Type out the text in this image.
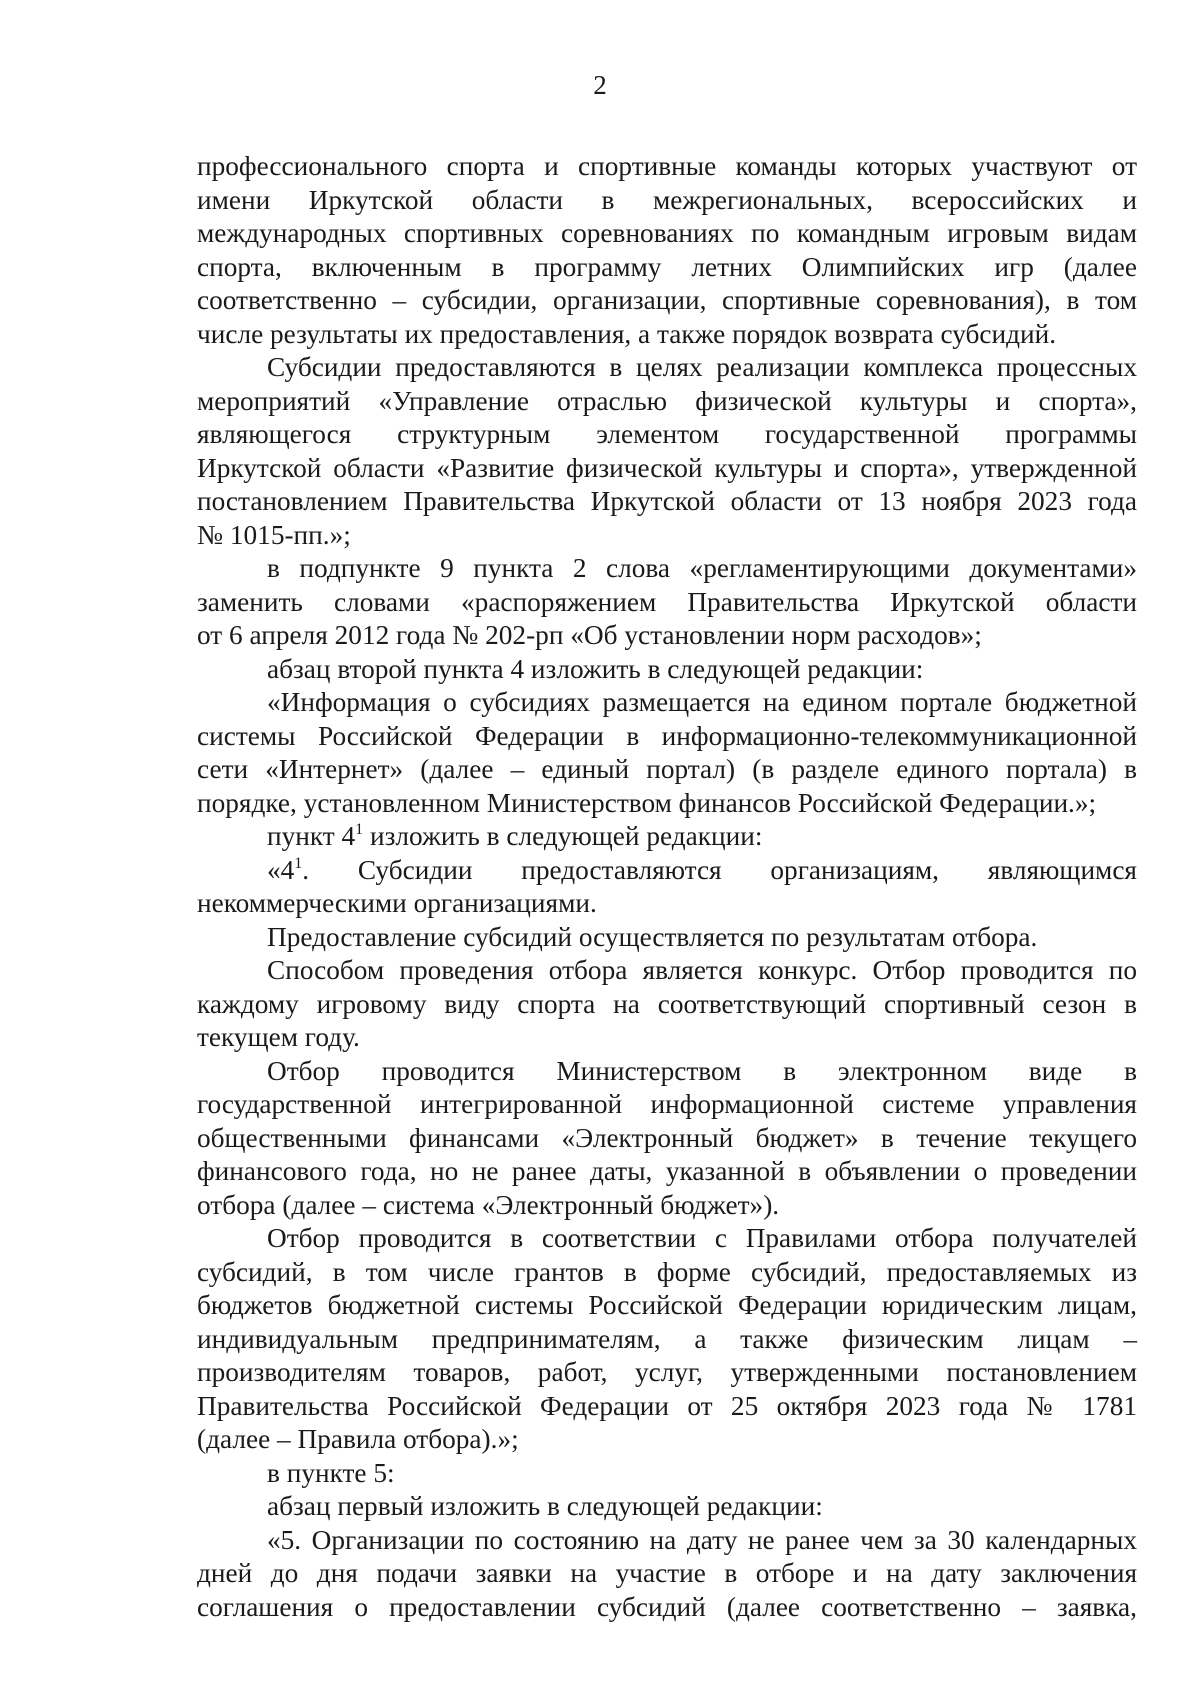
2

профессионального спорта и спортивные команды которых участвуют от
имени Иркутской области в межрегиональных, всероссийских и
международных спортивных соревнованиях по командным игровым видам
спорта, включенным в программу летних Олимпийских игр (далее
соответственно – субсидии, организации, спортивные соревнования), в том
числе результаты их предоставления, а также порядок возврата субсидий.

Субсидии предоставляются в целях реализации комплекса процессных
мероприятий «Управление отраслью физической культуры и спорта»,
являющегося структурным элементом государственной программы
Иркутской области «Развитие физической культуры и спорта», утвержденной
постановлением Правительства Иркутской области от 13 ноября 2023 года
№ 1015-пп.»;

в подпункте 9 пункта 2 слова «регламентирующими документами»
заменить словами «распоряжением Правительства Иркутской области
от 6 апреля 2012 года № 202-рп «Об установлении норм расходов»;

абзац второй пункта 4 изложить в следующей редакции:

«Информация о субсидиях размещается на едином портале бюджетной
системы Российской Федерации в информационно-телекоммуникационной
сети «Интернет» (далее – единый портал) (в разделе единого портала) в
порядке, установленном Министерством финансов Российской Федерации.»;

пункт $4^1$ изложить в следующей редакции:

«$4^1$. Субсидии предоставляются организациям, являющимся
некоммерческими организациями.

Предоставление субсидий осуществляется по результатам отбора.

Способом проведения отбора является конкурс. Отбор проводится по
каждому игровому виду спорта на соответствующий спортивный сезон в
текущем году.

Отбор проводится Министерством в электронном виде в
государственной интегрированной информационной системе управления
общественными финансами «Электронный бюджет» в течение текущего
финансового года, но не ранее даты, указанной в объявлении о проведении
отбора (далее – система «Электронный бюджет»).

Отбор проводится в соответствии с Правилами отбора получателей
субсидий, в том числе грантов в форме субсидий, предоставляемых из
бюджетов бюджетной системы Российской Федерации юридическим лицам,
индивидуальным предпринимателям, а также физическим лицам –
производителям товаров, работ, услуг, утвержденными постановлением
Правительства Российской Федерации от 25 октября 2023 года № 1781
(далее – Правила отбора).»;

в пункте 5:

абзац первый изложить в следующей редакции:

«5. Организации по состоянию на дату не ранее чем за 30 календарных
дней до дня подачи заявки на участие в отборе и на дату заключения
соглашения о предоставлении субсидий (далее соответственно – заявка,
